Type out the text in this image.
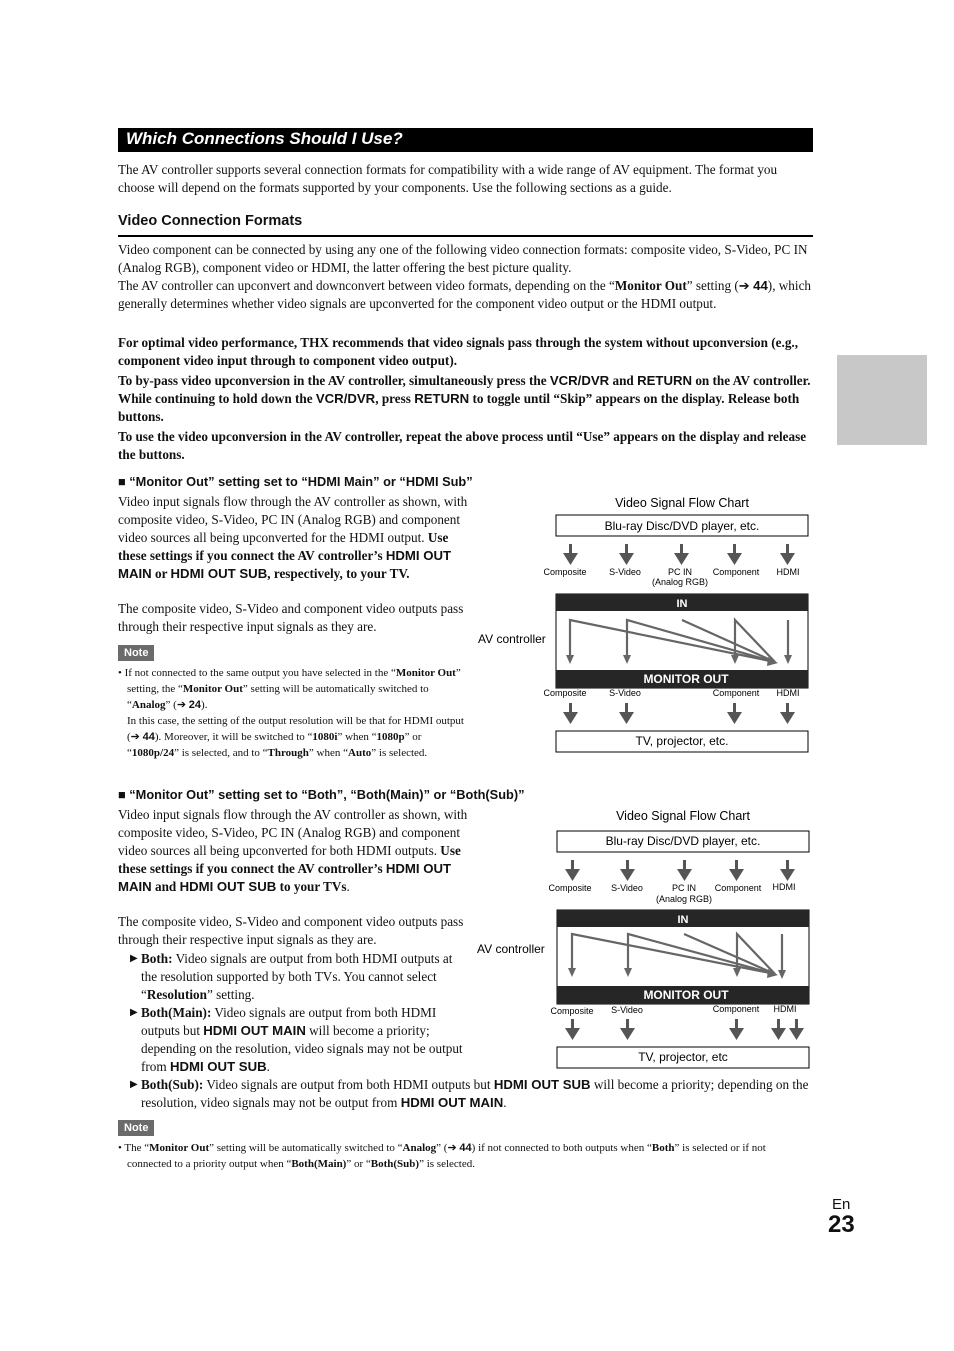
Which Connections Should I Use?

The AV controller supports several connection formats for compatibility with a wide range of AV equipment. The format you choose will depend on the formats supported by your components. Use the following sections as a guide.

Video Connection Formats

Video component can be connected by using any one of the following video connection formats: composite video, S-Video, PC IN (Analog RGB), component video or HDMI, the latter offering the best picture quality.

The AV controller can upconvert and downconvert between video formats, depending on the “Monitor Out” setting (➔ 44), which generally determines whether video signals are upconverted for the component video output or the HDMI output.

For optimal video performance, THX recommends that video signals pass through the system without upconversion (e.g., component video input through to component video output).

To by-pass video upconversion in the AV controller, simultaneously press the VCR/DVR and RETURN on the AV controller. While continuing to hold down the VCR/DVR, press RETURN to toggle until “Skip” appears on the display. Release both buttons.

To use the video upconversion in the AV controller, repeat the above process until “Use” appears on the display and release the buttons.

■ “Monitor Out” setting set to “HDMI Main” or “HDMI Sub”

Video input signals flow through the AV controller as shown, with composite video, S-Video, PC IN (Analog RGB) and component video sources all being upconverted for the HDMI output. Use these settings if you connect the AV controller’s HDMI OUT MAIN or HDMI OUT SUB, respectively, to your TV.

The composite video, S-Video and component video outputs pass through their respective input signals as they are.

Note
• If not connected to the same output you have selected in the “Monitor Out” setting, the “Monitor Out” setting will be automatically switched to “Analog” (➔ 24).
In this case, the setting of the output resolution will be that for HDMI output (➔ 44). Moreover, it will be switched to “1080i” when “1080p” or “1080p/24” is selected, and to “Through” when “Auto” is selected.
Video Signal Flow Chart
Blu-ray Disc/DVD player, etc.
Composite	S-Video	PC IN
(Analog RGB)
Component HDMI
AV controller
IN
MONITOR OUT
Composite	S-Video	Component HDMI
TV, projector, etc.
■ “Monitor Out” setting set to “Both”, “Both(Main)” or “Both(Sub)”

Video input signals flow through the AV controller as shown, with composite video, S-Video, PC IN (Analog RGB) and component video sources all being upconverted for both HDMI outputs. Use these settings if you connect the AV controller’s HDMI OUT MAIN and HDMI OUT SUB to your TVs.

The composite video, S-Video and component video outputs pass through their respective input signals as they are.

▶ Both: Video signals are output from both HDMI outputs at the resolution supported by both TVs. You cannot select “Resolution” setting.
▶ Both(Main): Video signals are output from both HDMI outputs but HDMI OUT MAIN will become a priority; depending on the resolution, video signals may not be output from HDMI OUT SUB.
▶ Both(Sub): Video signals are output from both HDMI outputs but HDMI OUT SUB will become a priority; depending on the resolution, video signals may not be output from HDMI OUT MAIN.
Note
• The “Monitor Out” setting will be automatically switched to “Analog” (➔ 44) if not connected to both outputs when “Both” is selected or if not connected to a priority output when “Both(Main)” or “Both(Sub)” is selected.
Video Signal Flow Chart
Blu-ray Disc/DVD player, etc.
Composite S-Video	PC IN
(Analog RGB)
Component HDMI
AV controller
IN
MONITOR OUT
Composite S-Video	Component HDMI
TV, projector, etc
En
23
